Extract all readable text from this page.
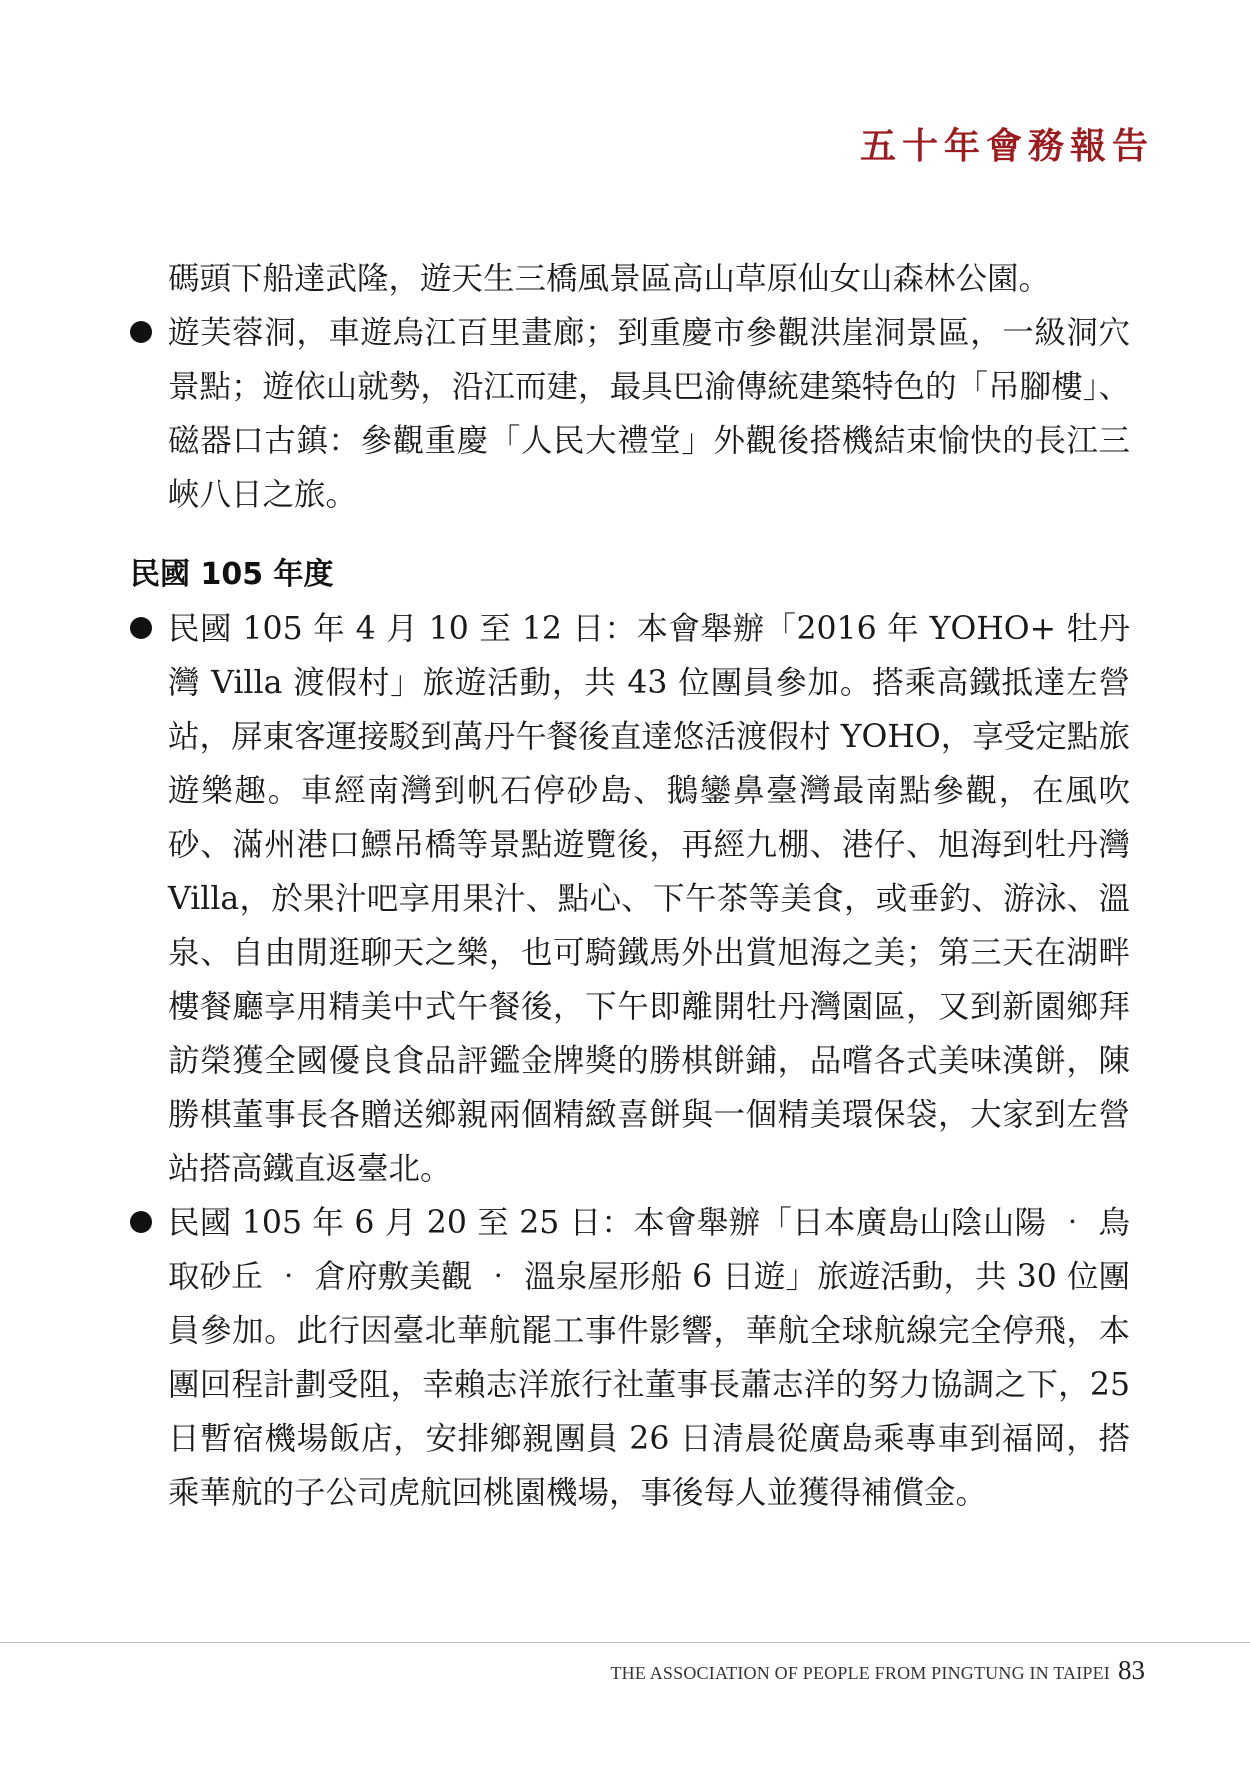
五十年會務報告

碼頭下船達武隆，遊天生三橋風景區高山草原仙女山森林公園。

遊芙蓉洞，車遊烏江百里畫廊；到重慶市參觀洪崖洞景區，一級洞穴景點；遊依山就勢，沿江而建，最具巴渝傳統建築特色的「吊腳樓」、磁器口古鎮：參觀重慶「人民大禮堂」外觀後搭機結束愉快的長江三峽八日之旅。
民國 105 年度
民國 105 年 4 月 10 至 12 日：本會舉辦「2016 年 YOHO+ 牡丹灣 Villa 渡假村」旅遊活動，共 43 位團員參加。搭乘高鐵抵達左營站，屏東客運接駁到萬丹午餐後直達悠活渡假村 YOHO，享受定點旅遊樂趣。車經南灣到帆石停砂島、鵝鑾鼻臺灣最南點參觀，在風吹砂、滿州港口鰾吊橋等景點遊覽後，再經九棚、港仔、旭海到牡丹灣 Villa，於果汁吧享用果汁、點心、下午茶等美食，或垂釣、游泳、溫泉、自由閒逛聊天之樂，也可騎鐵馬外出賞旭海之美；第三天在湖畔樓餐廳享用精美中式午餐後，下午即離開牡丹灣園區，又到新園鄉拜訪榮獲全國優良食品評鑑金牌獎的勝棋餅鋪，品嚐各式美味漢餅，陳勝棋董事長各贈送鄉親兩個精緻喜餅與一個精美環保袋，大家到左營站搭高鐵直返臺北。
民國 105 年 6 月 20 至 25 日：本會舉辦「日本廣島山陰山陽 ‧ 鳥取砂丘 ‧ 倉府敷美觀 ‧ 溫泉屋形船 6 日遊」旅遊活動，共 30 位團員參加。此行因臺北華航罷工事件影響，華航全球航線完全停飛，本團回程計劃受阻，幸賴志洋旅行社董事長蕭志洋的努力協調之下，25 日暫宿機場飯店，安排鄉親團員 26 日清晨從廣島乘專車到福岡，搭乘華航的子公司虎航回桃園機場，事後每人並獲得補償金。
THE ASSOCIATION OF PEOPLE FROM PINGTUNG IN TAIPEI 83
